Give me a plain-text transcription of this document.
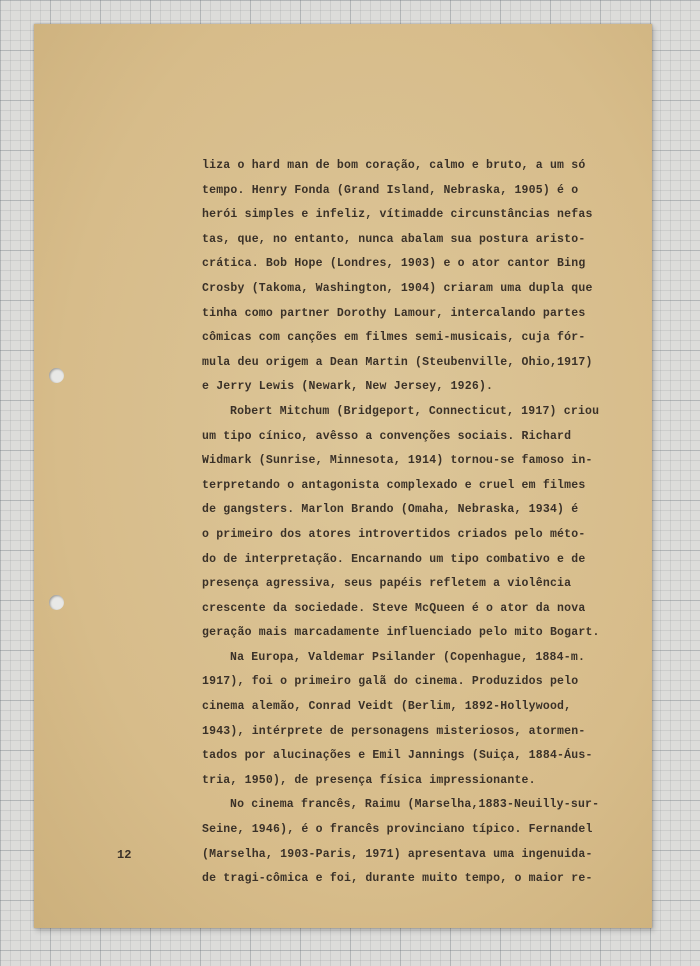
liza o hard man de bom coração, calmo e bruto, a um só
tempo. Henry Fonda (Grand Island, Nebraska, 1905) é o
herói simples e infeliz, vítimadde circunstâncias nefas
tas, que, no entanto, nunca abalam sua postura aristo-
crática. Bob Hope (Londres, 1903) e o ator cantor Bing
Crosby (Takoma, Washington, 1904) criaram uma dupla que
tinha como partner Dorothy Lamour, intercalando partes
cômicas com canções em filmes semi-musicais, cuja fór-
mula deu origem a Dean Martin (Steubenville, Ohio,1917)
e Jerry Lewis (Newark, New Jersey, 1926).
Robert Mitchum (Bridgeport, Connecticut, 1917) criou
um tipo cínico, avêsso a convenções sociais. Richard
Widmark (Sunrise, Minnesota, 1914) tornou-se famoso in-
terpretando o antagonista complexado e cruel em filmes
de gangsters. Marlon Brando (Omaha, Nebraska, 1934) é
o primeiro dos atores introvertidos criados pelo méto-
do de interpretação. Encarnando um tipo combativo e de
presença agressiva, seus papéis refletem a violência
crescente da sociedade. Steve McQueen é o ator da nova
geração mais marcadamente influenciado pelo mito Bogart.
Na Europa, Valdemar Psilander (Copenhague, 1884-m.
1917), foi o primeiro galã do cinema. Produzidos pelo
cinema alemão, Conrad Veidt (Berlim, 1892-Hollywood,
1943), intérprete de personagens misteriosos, atormen-
tados por alucinações e Emil Jannings (Suiça, 1884-Áus-
tria, 1950), de presença física impressionante.
No cinema francês, Raimu (Marselha,1883-Neuilly-sur-
Seine, 1946), é o francês provinciano típico. Fernandel
(Marselha, 1903-Paris, 1971) apresentava uma ingenuida-
de tragi-cômica e foi, durante muito tempo, o maior re-
12
